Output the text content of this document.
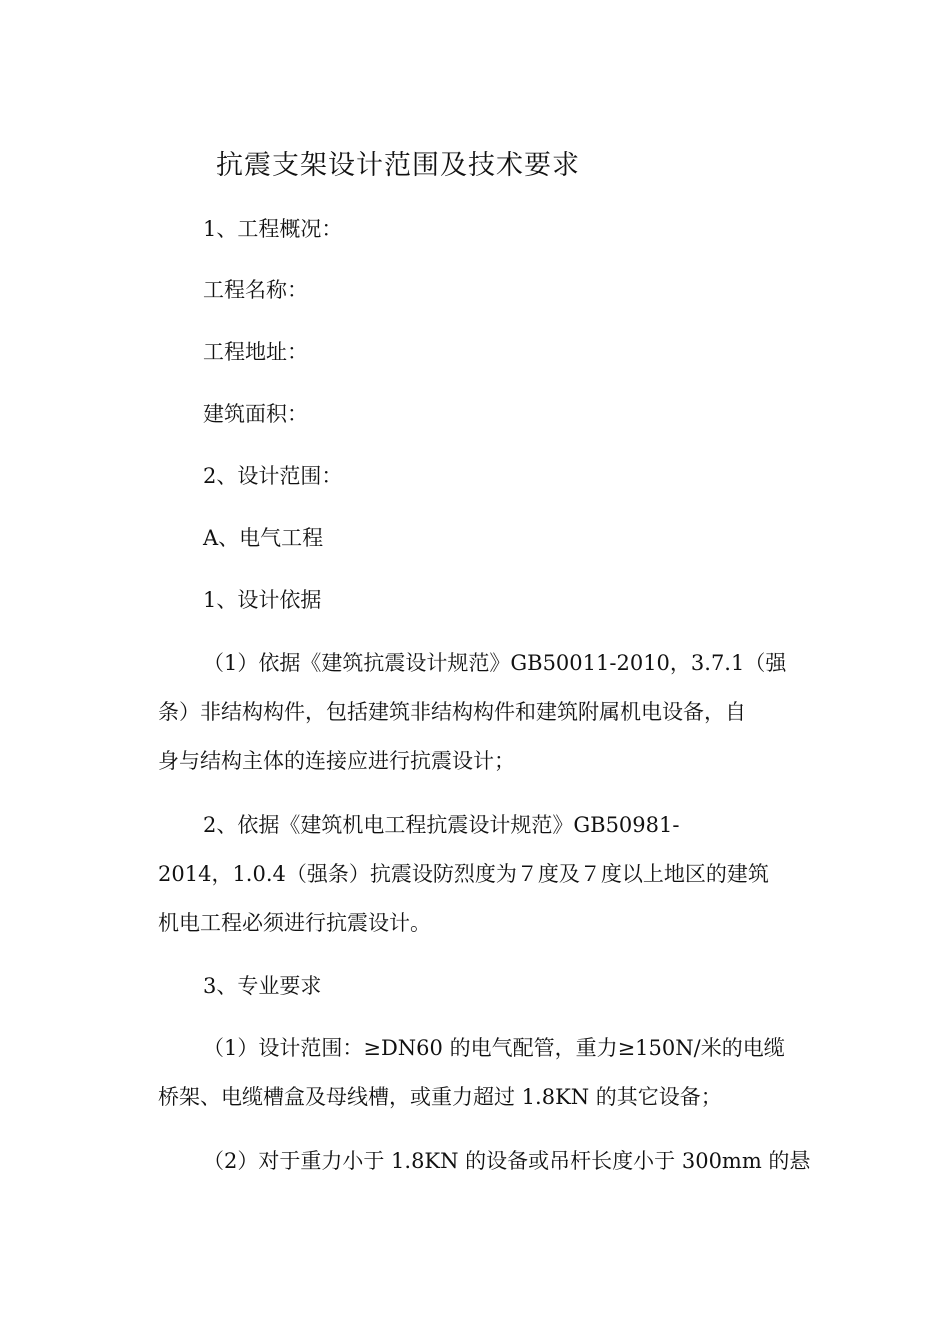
抗震支架设计范围及技术要求
1、工程概况：
工程名称：
工程地址：
建筑面积：
2、设计范围：
A、电气工程
1、设计依据
（1）依据《建筑抗震设计规范》GB50011-2010，3.7.1（强
条）非结构构件，包括建筑非结构构件和建筑附属机电设备，自
身与结构主体的连接应进行抗震设计；
2、依据《建筑机电工程抗震设计规范》GB50981-
2014，1.0.4（强条）抗震设防烈度为７度及７度以上地区的建筑
机电工程必须进行抗震设计。
3、专业要求
（1）设计范围：≥DN60 的电气配管，重力≥150N/米的电缆
桥架、电缆槽盒及母线槽，或重力超过 1.8KN 的其它设备；
（2）对于重力小于 1.8KN 的设备或吊杆长度小于 300mm 的悬
